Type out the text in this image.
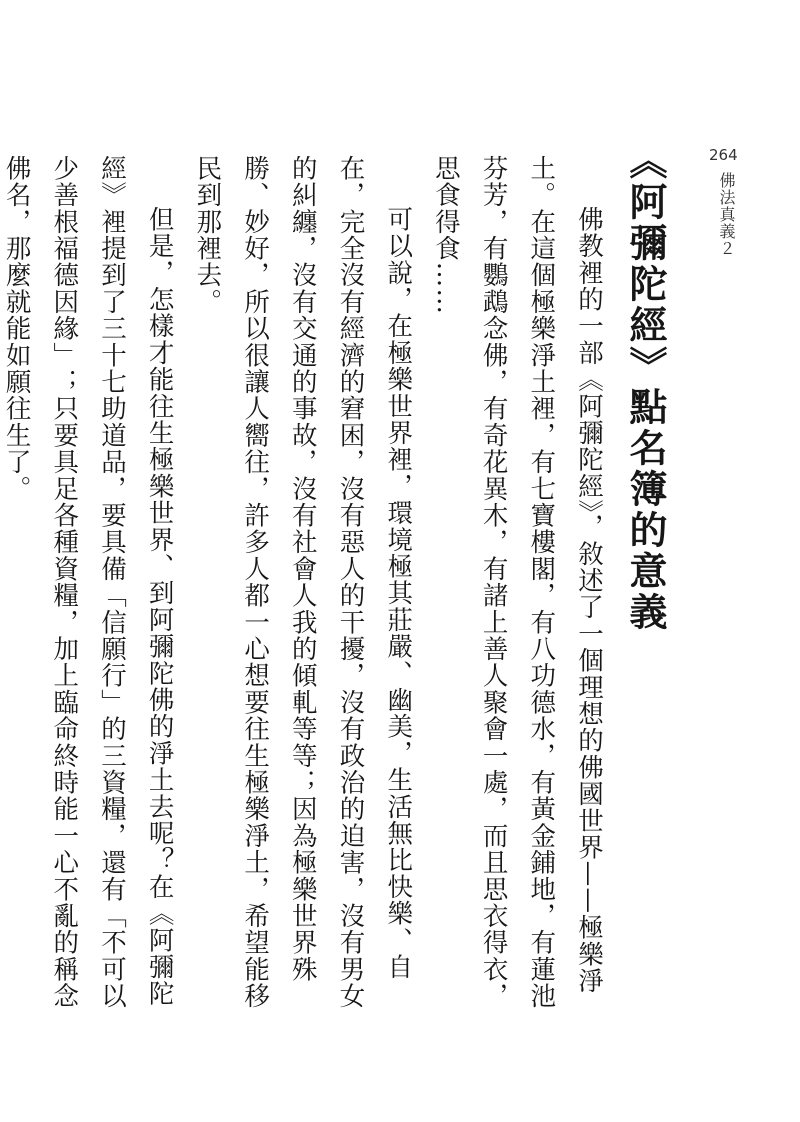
264
佛法真義２
《阿彌陀經》點名簿的意義

佛教裡的一部《阿彌陀經》，敘述了一個理想的佛國世界——極樂淨土。在這個極樂淨土裡，有七寶樓閣，有八功德水，有黃金鋪地，有蓮池芬芳，有鸚鵡念佛，有奇花異木，有諸上善人聚會一處，而且思衣得衣，思食得食……

可以說，在極樂世界裡，環境極其莊嚴、幽美，生活無比快樂、自在，完全沒有經濟的窘困，沒有惡人的干擾，沒有政治的迫害，沒有男女的糾纏，沒有交通的事故，沒有社會人我的傾軋等等；因為極樂世界殊勝、妙好，所以很讓人嚮往，許多人都一心想要往生極樂淨土，希望能移民到那裡去。

但是，怎樣才能往生極樂世界、到阿彌陀佛的淨土去呢？在《阿彌陀經》裡提到了三十七助道品，要具備「信願行」的三資糧，還有「不可以少善根福德因緣」；只要具足各種資糧，加上臨命終時能一心不亂的稱念佛名，那麼就能如願往生了。
